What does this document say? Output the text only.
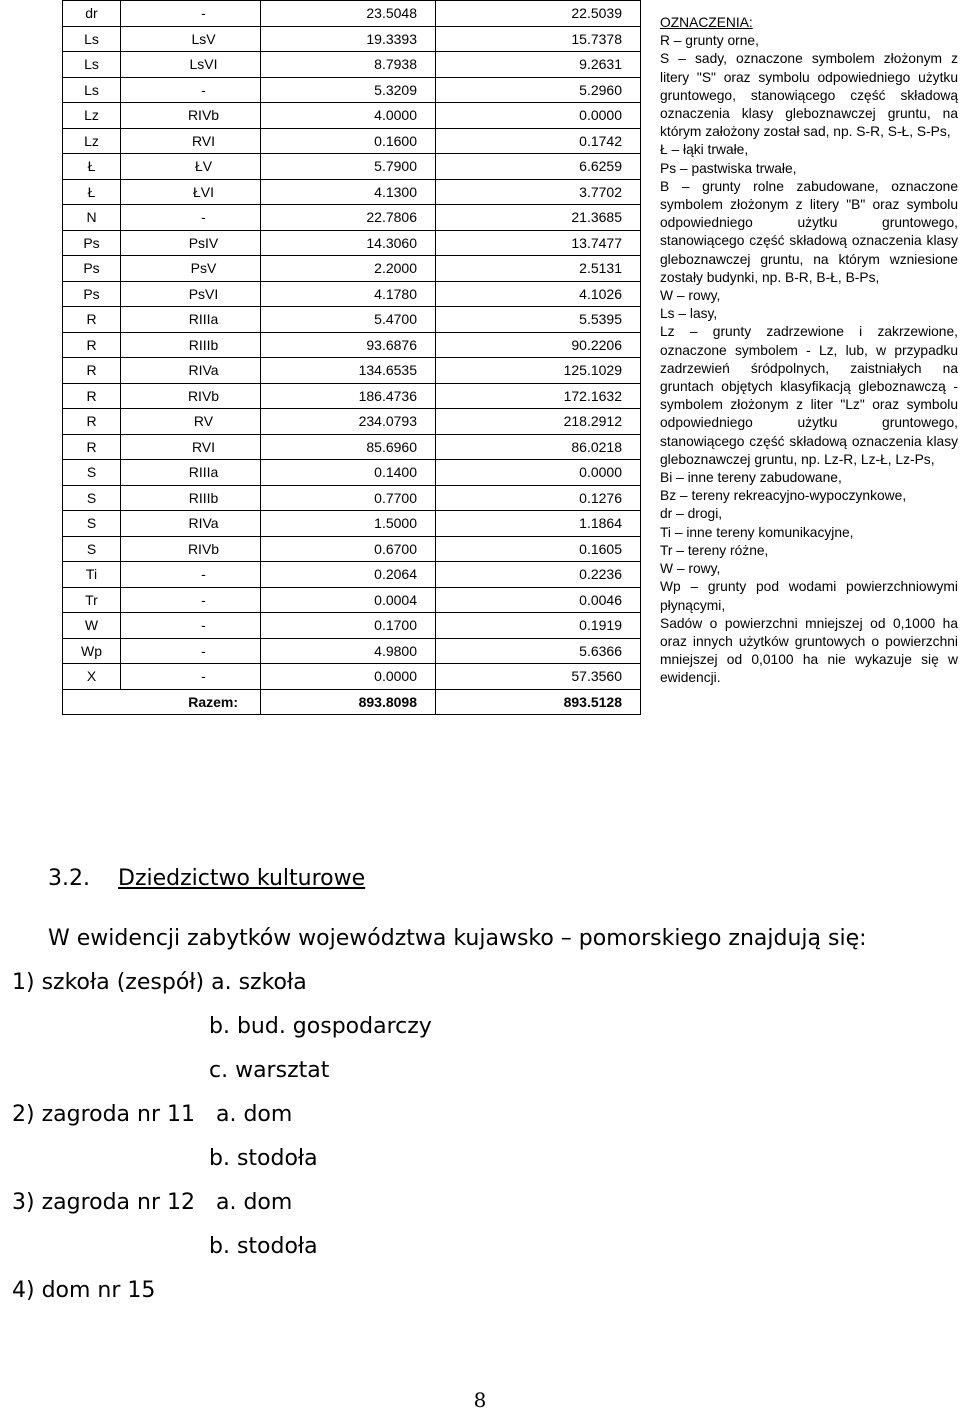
dr	-	23.5048	22.5039
Ls	LsV	19.3393	15.7378
Ls	LsVI	8.7938	9.2631
Ls	-	5.3209	5.2960
Lz	RIVb	4.0000	0.0000
Lz	RVI	0.1600	0.1742
Ł	ŁV	5.7900	6.6259
Ł	ŁVI	4.1300	3.7702
N	-	22.7806	21.3685
Ps	PsIV	14.3060	13.7477
Ps	PsV	2.2000	2.5131
Ps	PsVI	4.1780	4.1026
R	RIIIa	5.4700	5.5395
R	RIIIb	93.6876	90.2206
R	RIVa	134.6535	125.1029
R	RIVb	186.4736	172.1632
R	RV	234.0793	218.2912
R	RVI	85.6960	86.0218
S	RIIIa	0.1400	0.0000
S	RIIIb	0.7700	0.1276
S	RIVa	1.5000	1.1864
S	RIVb	0.6700	0.1605
Ti	-	0.2064	0.2236
Tr	-	0.0004	0.0046
W	-	0.1700	0.1919
Wp	-	4.9800	5.6366
X	-	0.0000	57.3560
Razem:		893.8098	893.5128

OZNACZENIA:

R – grunty orne,

S – sady, oznaczone symbolem złożonym z litery "S" oraz symbolu odpowiedniego użytku gruntowego, stanowiącego część składową oznaczenia klasy gleboznawczej gruntu, na którym założony został sad, np. S-R, S-Ł, S-Ps,

Ł – łąki trwałe,

Ps – pastwiska trwałe,

B – grunty rolne zabudowane, oznaczone symbolem złożonym z litery "B" oraz symbolu odpowiedniego użytku gruntowego, stanowiącego część składową oznaczenia klasy gleboznawczej gruntu, na którym wzniesione zostały budynki, np. B-R, B-Ł, B-Ps,

W – rowy,

Ls – lasy,

Lz – grunty zadrzewione i zakrzewione, oznaczone symbolem - Lz, lub, w przypadku zadrzewień śródpolnych, zaistniałych na gruntach objętych klasyfikacją gleboznawczą - symbolem złożonym z liter "Lz" oraz symbolu odpowiedniego użytku gruntowego, stanowiącego część składową oznaczenia klasy gleboznawczej gruntu, np. Lz-R, Lz-Ł, Lz-Ps,

Bi – inne tereny zabudowane,

Bz – tereny rekreacyjno-wypoczynkowe,

dr – drogi,

Ti – inne tereny komunikacyjne,

Tr – tereny różne,

W – rowy,

Wp – grunty pod wodami powierzchniowymi płynącymi,

Sadów o powierzchni mniejszej od 0,1000 ha oraz innych użytków gruntowych o powierzchni mniejszej od 0,0100 ha nie wykazuje się w ewidencji.

3.2. Dziedzictwo kulturowe

W ewidencji zabytków województwa kujawsko – pomorskiego znajdują się:

1) szkoła (zespół) a. szkoła

b. bud. gospodarczy

c. warsztat

2) zagroda nr 11   a. dom

b. stodoła

3) zagroda nr 12   a. dom

b. stodoła

4) dom nr 15

8
